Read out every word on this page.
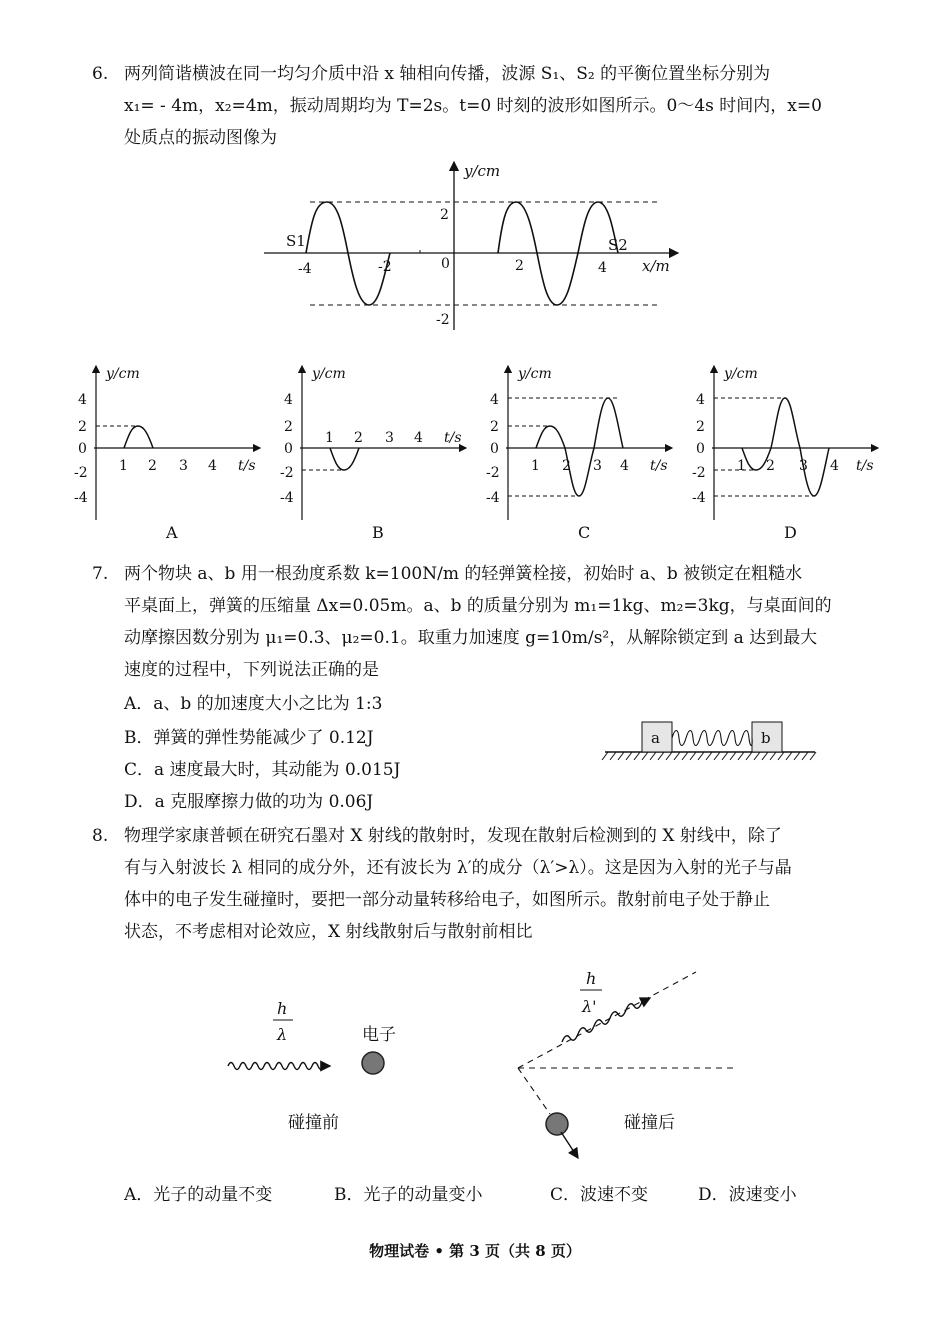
6. 两列简谐横波在同一均匀介质中沿 x 轴相向传播，波源 S₁、S₂ 的平衡位置坐标分别为
x₁= - 4m，x₂=4m，振动周期均为 T=2s。t=0 时刻的波形如图所示。0～4s 时间内，x=0
处质点的振动图像为
S1	S2
-4	-2	0	2	4
2
-2
y/cm
x/m
4
2
0
-2
-4
1 2 3 4 t/s
y/cm
A
4
2
0
-2
-4
1 2 3 4 t/s
y/cm
B
4
2
0
-2
-4
1 2 3 4 t/s
y/cm
C
4
2
0
-2
-4
1 2 3 4 t/s
y/cm
D
7. 两个物块 a、b 用一根劲度系数 k=100N/m 的轻弹簧栓接，初始时 a、b 被锁定在粗糙水
平桌面上，弹簧的压缩量 Δx=0.05m。a、b 的质量分别为 m₁=1kg、m₂=3kg，与桌面间的
动摩擦因数分别为 μ₁=0.3、μ₂=0.1。取重力加速度 g=10m/s²，从解除锁定到 a 达到最大
速度的过程中，下列说法正确的是
A．a、b 的加速度大小之比为 1:3
B．弹簧的弹性势能减少了 0.12J
C．a 速度最大时，其动能为 0.015J
D．a 克服摩擦力做的功为 0.06J
a	b
8. 物理学家康普顿在研究石墨对 X 射线的散射时，发现在散射后检测到的 X 射线中，除了
有与入射波长 λ 相同的成分外，还有波长为 λ′的成分（λ′>λ）。这是因为入射的光子与晶
体中的电子发生碰撞时，要把一部分动量转移给电子，如图所示。散射前电子处于静止
状态，不考虑相对论效应，X 射线散射后与散射前相比
h
λ	电子
碰撞前
h
λ'
碰撞后
A．光子的动量不变	B．光子的动量变小	C．波速不变	D．波速变小
物理试卷 • 第 3 页（共 8 页）
